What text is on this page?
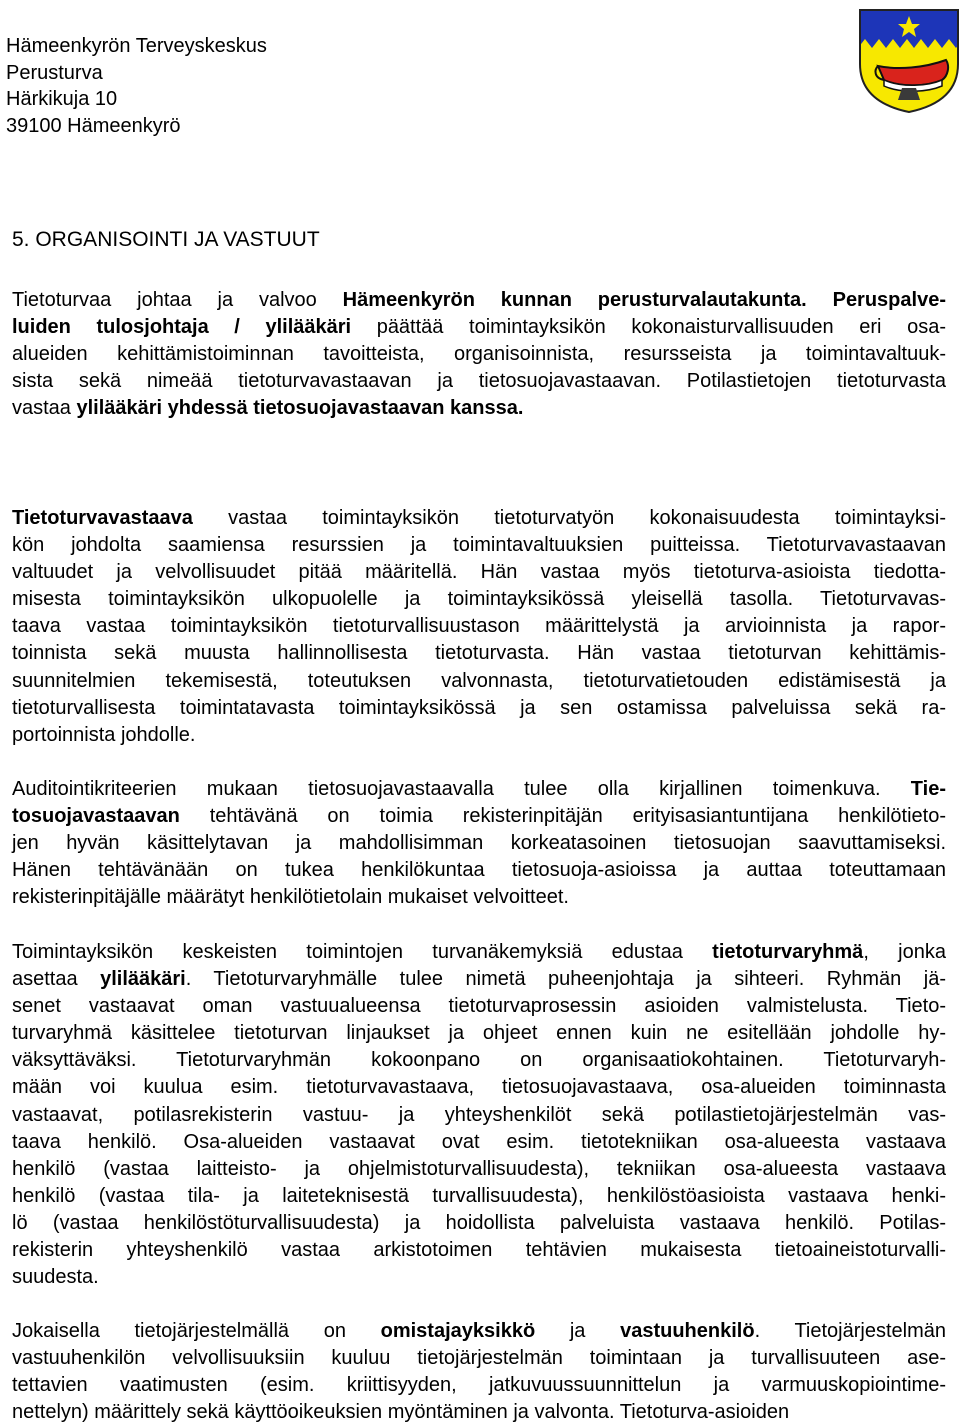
Hämeenkyrön Terveyskeskus
Perusturva
Härkikuja 10
39100 Hämeenkyrö
5. ORGANISOINTI JA VASTUUT
Tietoturvaa johtaa ja valvoo Hämeenkyrön kunnan perusturvalautakunta. Peruspalve-
luiden tulosjohtaja / ylilääkäri päättää toimintayksikön kokonaisturvallisuuden eri osa-
alueiden kehittämistoiminnan tavoitteista, organisoinnista, resursseista ja toimintavaltuuk-
sista sekä nimeää tietoturvavastaavan ja tietosuojavastaavan. Potilastietojen tietoturvasta
vastaa ylilääkäri yhdessä tietosuojavastaavan kanssa.
Tietoturvavastaava vastaa toimintayksikön tietoturvatyön kokonaisuudesta toimintayksi-
kön johdolta saamiensa resurssien ja toimintavaltuuksien puitteissa. Tietoturvavastaavan
valtuudet ja velvollisuudet pitää määritellä. Hän vastaa myös tietoturva-asioista tiedotta-
misesta toimintayksikön ulkopuolelle ja toimintayksikössä yleisellä tasolla. Tietoturvavas-
taava vastaa toimintayksikön tietoturvallisuustason määrittelystä ja arvioinnista ja rapor-
toinnista sekä muusta hallinnollisesta tietoturvasta. Hän vastaa tietoturvan kehittämis-
suunnitelmien tekemisestä, toteutuksen valvonnasta, tietoturvatietouden edistämisestä ja
tietoturvallisesta toimintatavasta toimintayksikössä ja sen ostamissa palveluissa sekä ra-
portoinnista johdolle.
Auditointikriteerien mukaan tietosuojavastaavalla tulee olla kirjallinen toimenkuva. Tie-
tosuojavastaavan tehtävänä on toimia rekisterinpitäjän erityisasiantuntijana henkilötieto-
jen hyvän käsittelytavan ja mahdollisimman korkeatasoinen tietosuojan saavuttamiseksi.
Hänen tehtävänään on tukea henkilökuntaa tietosuoja-asioissa ja auttaa toteuttamaan
rekisterinpitäjälle määrätyt henkilötietolain mukaiset velvoitteet.
Toimintayksikön keskeisten toimintojen turvanäkemyksiä edustaa tietoturvaryhmä, jonka
asettaa ylilääkäri. Tietoturvaryhmälle tulee nimetä puheenjohtaja ja sihteeri. Ryhmän jä-
senet vastaavat oman vastuualueensa tietoturvaprosessin asioiden valmistelusta. Tieto-
turvaryhmä käsittelee tietoturvan linjaukset ja ohjeet ennen kuin ne esitellään johdolle hy-
väksyttäväksi. Tietoturvaryhmän kokoonpano on organisaatiokohtainen. Tietoturvaryh-
mään voi kuulua esim. tietoturvavastaava, tietosuojavastaava, osa-alueiden toiminnasta
vastaavat, potilasrekisterin vastuu- ja yhteyshenkilöt sekä potilastietojärjestelmän vas-
taava henkilö. Osa-alueiden vastaavat ovat esim. tietotekniikan osa-alueesta vastaava
henkilö (vastaa laitteisto- ja ohjelmistoturvallisuudesta), tekniikan osa-alueesta vastaava
henkilö (vastaa tila- ja laiteteknisestä turvallisuudesta), henkilöstöasioista vastaava henki-
lö (vastaa henkilöstöturvallisuudesta) ja hoidollista palveluista vastaava henkilö. Potilas-
rekisterin yhteyshenkilö vastaa arkistotoimen tehtävien mukaisesta tietoaineistoturvalli-
suudesta.
Jokaisella tietojärjestelmällä on omistajayksikkö ja vastuuhenkilö. Tietojärjestelmän
vastuuhenkilön velvollisuuksiin kuuluu tietojärjestelmän toimintaan ja turvallisuuteen ase-
tettavien vaatimusten (esim. kriittisyyden, jatkuvuussuunnittelun ja varmuuskopiointime-
nettelyn) määrittely sekä käyttöoikeuksien myöntäminen ja valvonta. Tietoturva-asioiden
